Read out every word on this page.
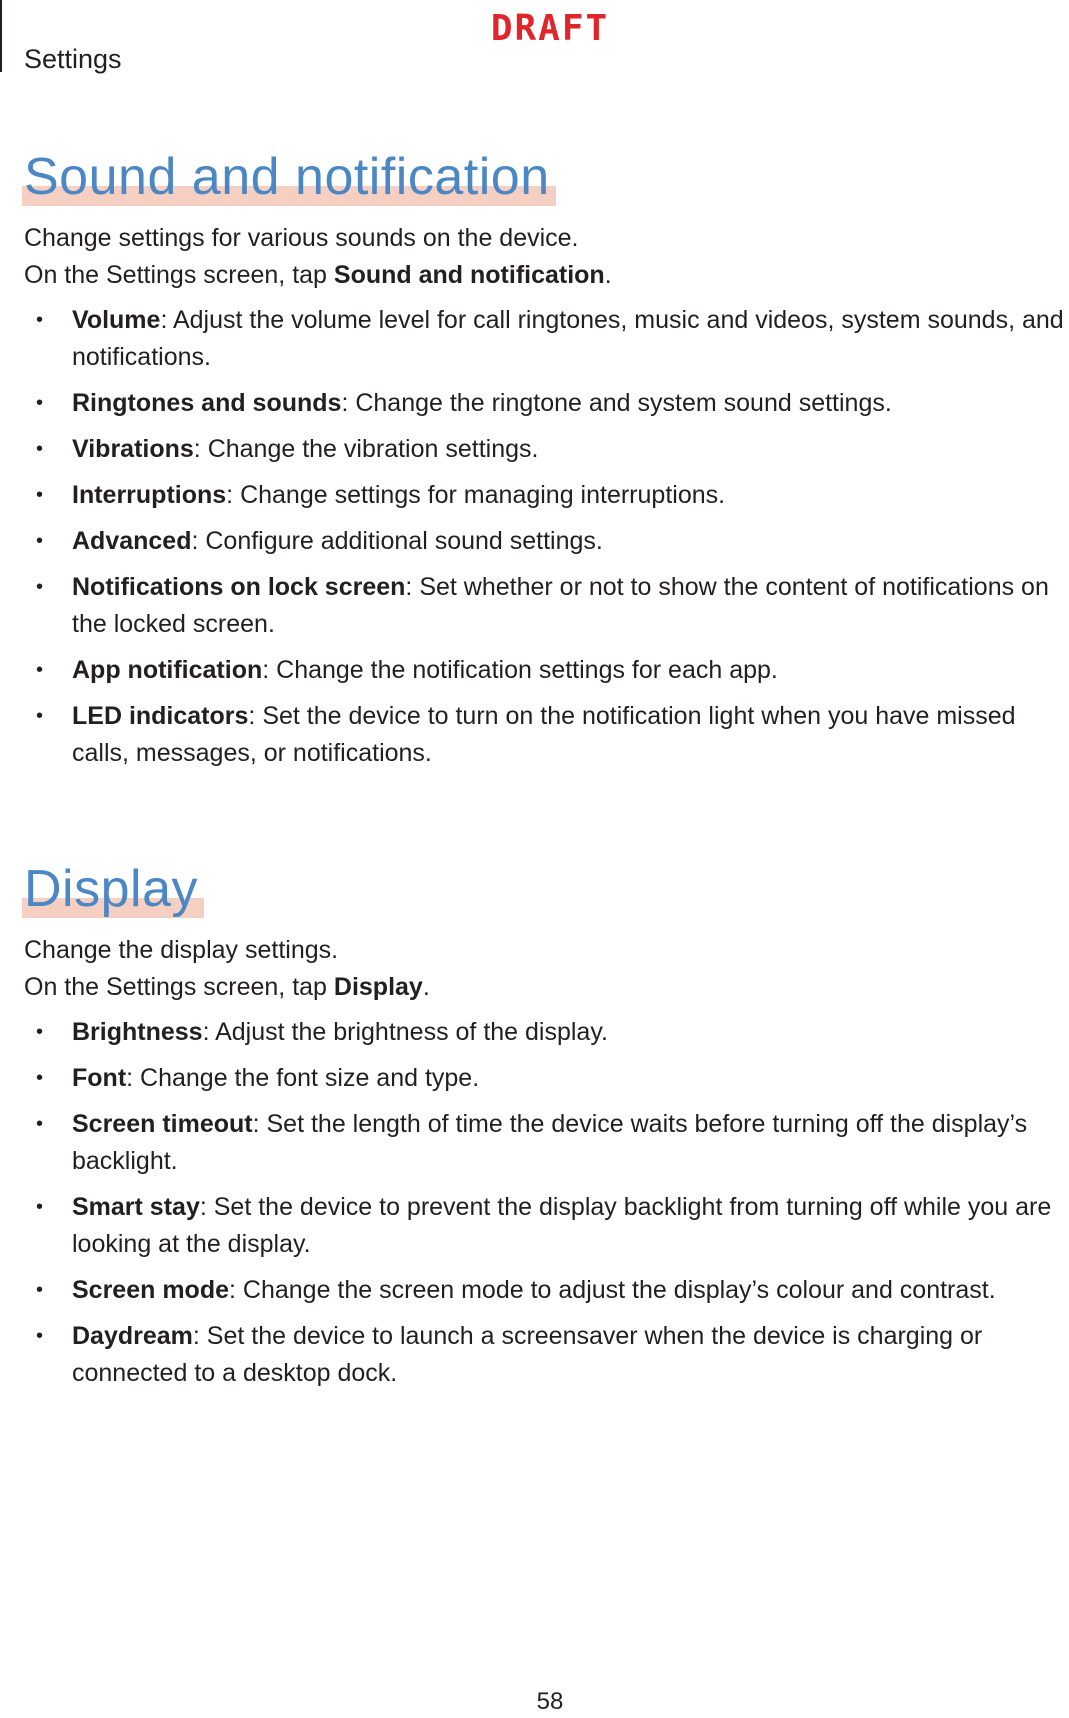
DRAFT
Settings
Sound and notification

Change settings for various sounds on the device.

On the Settings screen, tap Sound and notification.

• Volume: Adjust the volume level for call ringtones, music and videos, system sounds, and notifications.
• Ringtones and sounds: Change the ringtone and system sound settings.
• Vibrations: Change the vibration settings.
• Interruptions: Change settings for managing interruptions.
• Advanced: Configure additional sound settings.
• Notifications on lock screen: Set whether or not to show the content of notifications on the locked screen.
• App notification: Change the notification settings for each app.
• LED indicators: Set the device to turn on the notification light when you have missed calls, messages, or notifications.
Display

Change the display settings.

On the Settings screen, tap Display.

• Brightness: Adjust the brightness of the display.
• Font: Change the font size and type.
• Screen timeout: Set the length of time the device waits before turning off the display’s backlight.
• Smart stay: Set the device to prevent the display backlight from turning off while you are looking at the display.
• Screen mode: Change the screen mode to adjust the display’s colour and contrast.
• Daydream: Set the device to launch a screensaver when the device is charging or connected to a desktop dock.
58
